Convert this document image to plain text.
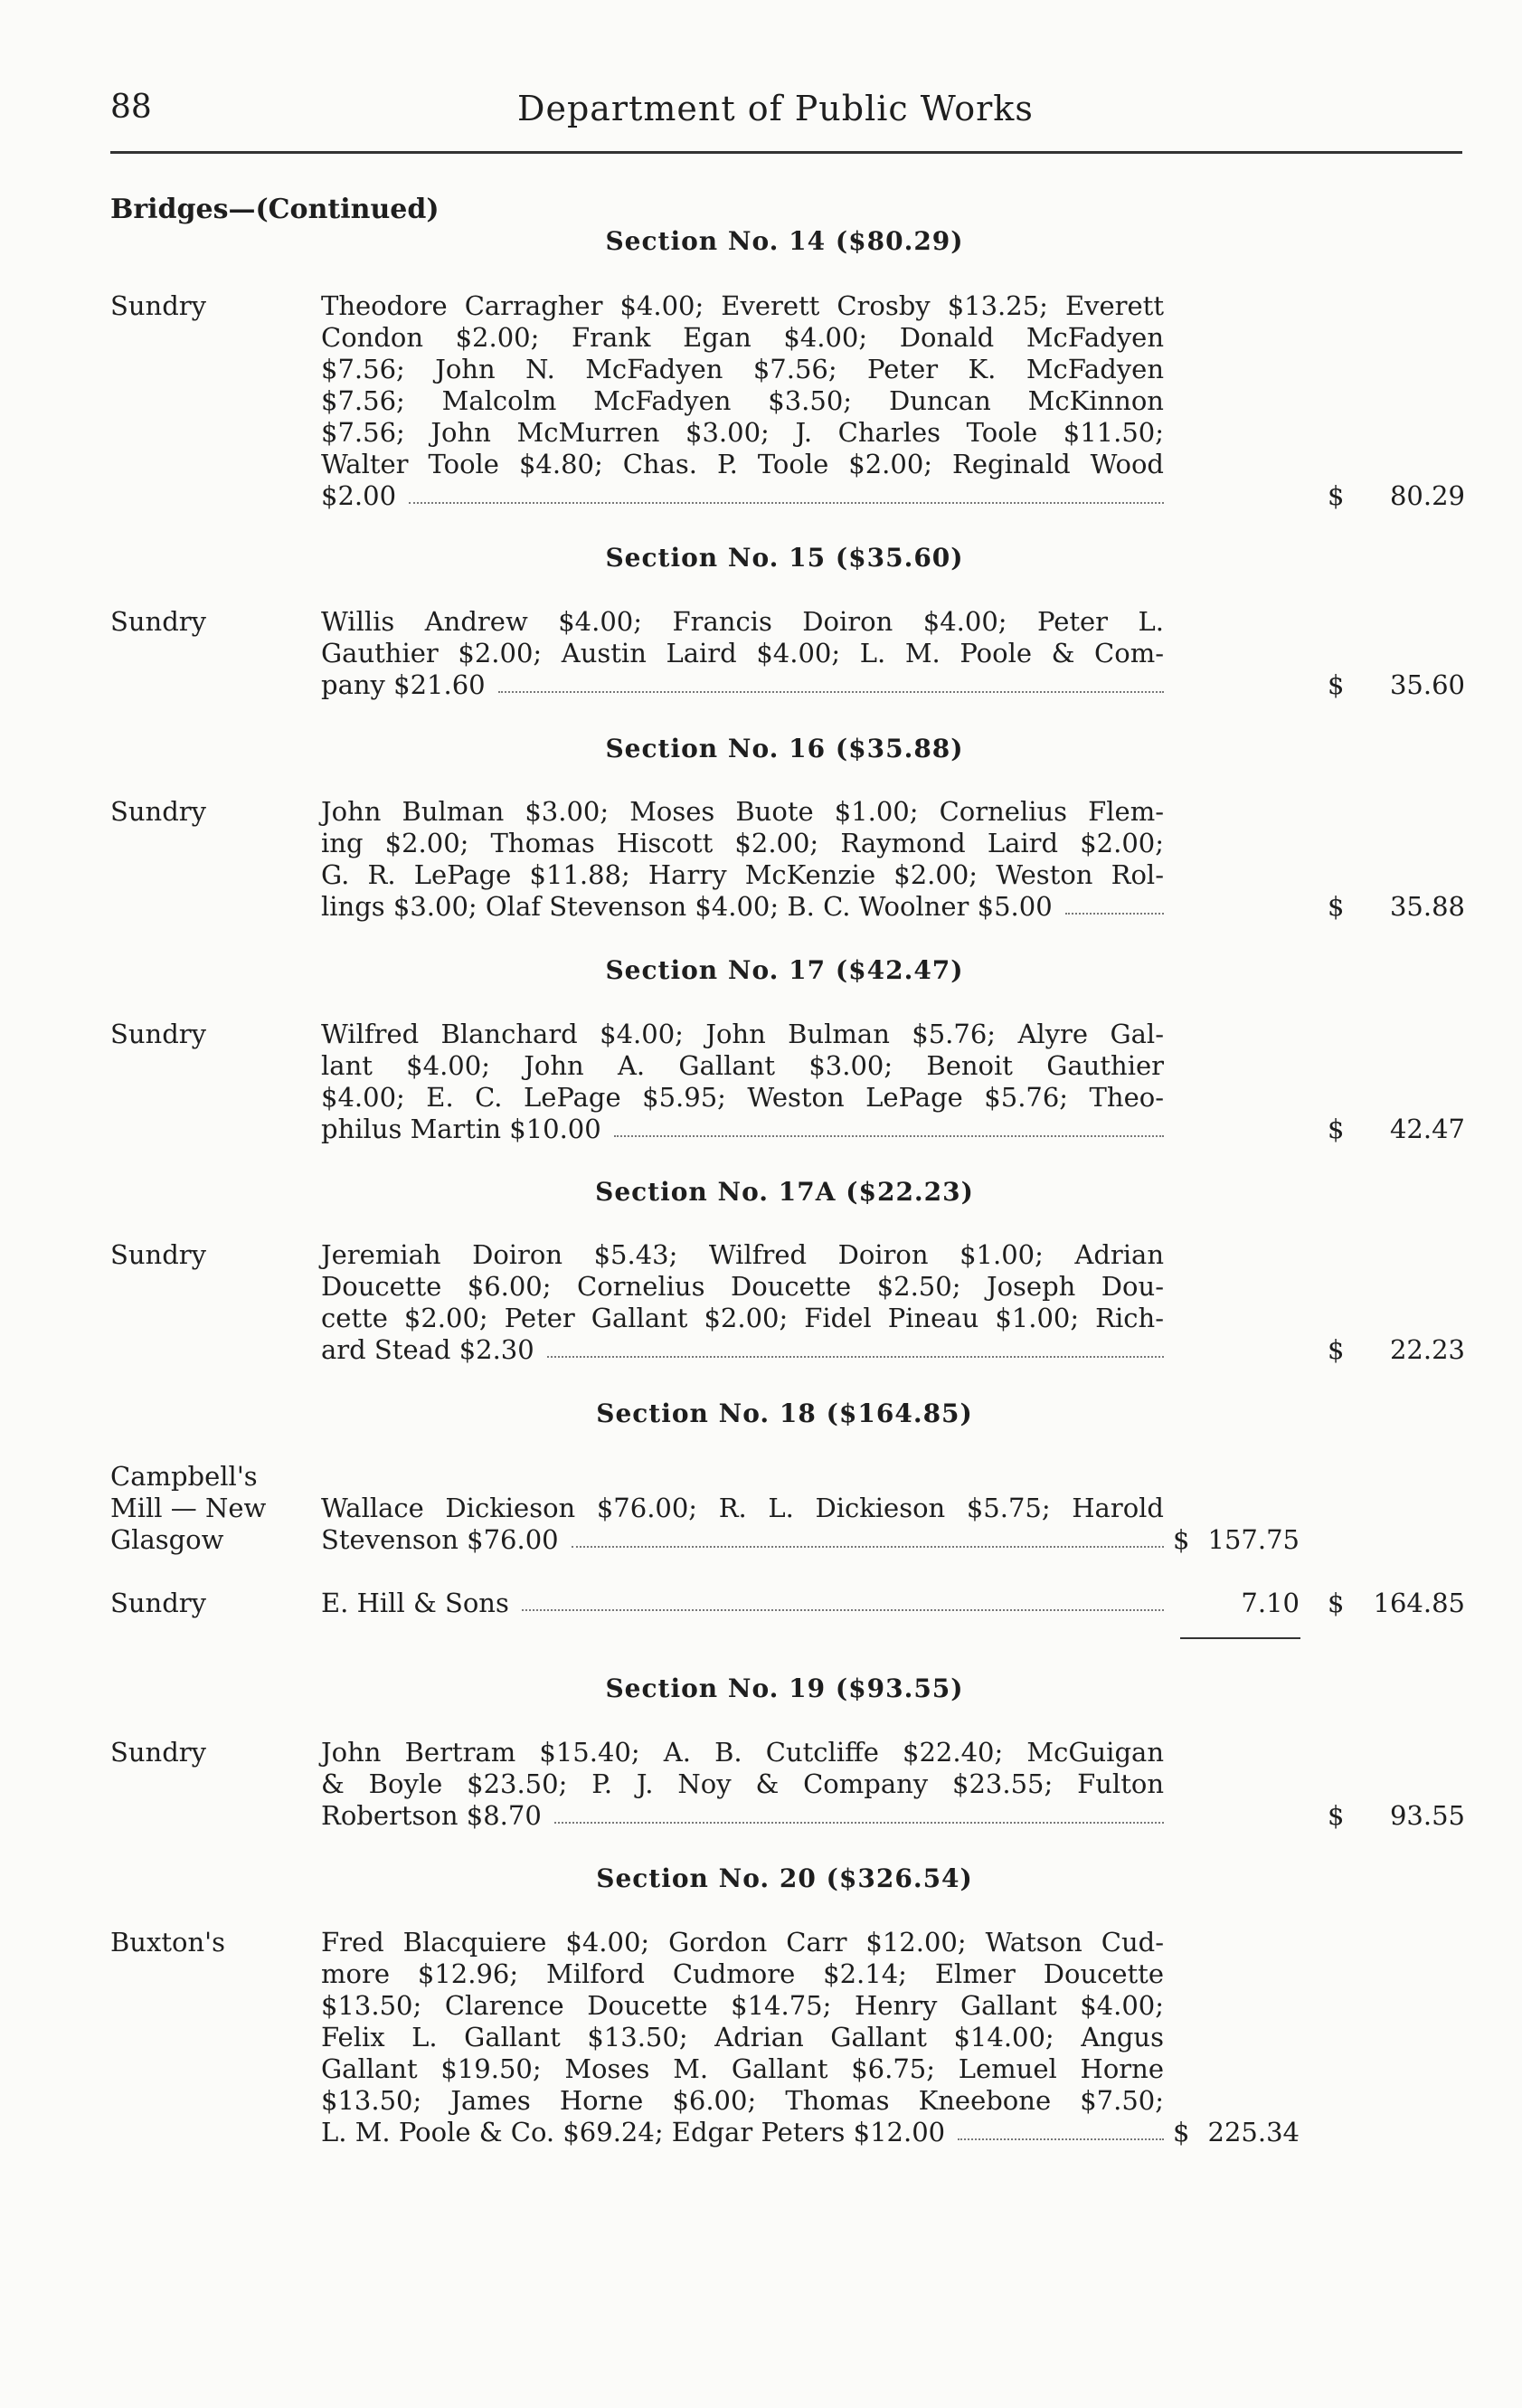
88	Department of Public Works
Bridges—(Continued)
Section No. 14 ($80.29)
Sundry	Theodore Carragher $4.00; Everett Crosby $13.25; Everett
Condon $2.00; Frank Egan $4.00; Donald McFadyen
$7.56; John N. McFadyen $7.56; Peter K. McFadyen
$7.56; Malcolm McFadyen $3.50; Duncan McKinnon
$7.56; John McMurren $3.00; J. Charles Toole $11.50;
Walter Toole $4.80; Chas. P. Toole $2.00; Reginald Wood
$2.00	$ 80.29
Section No. 15 ($35.60)
Sundry	Willis Andrew $4.00; Francis Doiron $4.00; Peter L.
Gauthier $2.00; Austin Laird $4.00; L. M. Poole & Com-
pany $21.60	$ 35.60
Section No. 16 ($35.88)
Sundry	John Bulman $3.00; Moses Buote $1.00; Cornelius Flem-
ing $2.00; Thomas Hiscott $2.00; Raymond Laird $2.00;
G. R. LePage $11.88; Harry McKenzie $2.00; Weston Rol-
lings $3.00; Olaf Stevenson $4.00; B. C. Woolner $5.00	$ 35.88
Section No. 17 ($42.47)
Sundry	Wilfred Blanchard $4.00; John Bulman $5.76; Alyre Gal-
lant $4.00; John A. Gallant $3.00; Benoit Gauthier
$4.00; E. C. LePage $5.95; Weston LePage $5.76; Theo-
philus Martin $10.00	$ 42.47
Section No. 17A ($22.23)
Sundry	Jeremiah Doiron $5.43; Wilfred Doiron $1.00; Adrian
Doucette $6.00; Cornelius Doucette $2.50; Joseph Dou-
cette $2.00; Peter Gallant $2.00; Fidel Pineau $1.00; Rich-
ard Stead $2.30	$ 22.23
Section No. 18 ($164.85)
Campbell's
Mill — New
Glasgow
Wallace Dickieson $76.00; R. L. Dickieson $5.75; Harold
Stevenson $76.00	$ 157.75
Sundry	E. Hill & Sons	7.10 $ 164.85
Section No. 19 ($93.55)
Sundry	John Bertram $15.40; A. B. Cutcliffe $22.40; McGuigan
& Boyle $23.50; P. J. Noy & Company $23.55; Fulton
Robertson $8.70	$ 93.55
Section No. 20 ($326.54)
Buxton's	Fred Blacquiere $4.00; Gordon Carr $12.00; Watson Cud-
more $12.96; Milford Cudmore $2.14; Elmer Doucette
$13.50; Clarence Doucette $14.75; Henry Gallant $4.00;
Felix L. Gallant $13.50; Adrian Gallant $14.00; Angus
Gallant $19.50; Moses M. Gallant $6.75; Lemuel Horne
$13.50; James Horne $6.00; Thomas Kneebone $7.50;
L. M. Poole & Co. $69.24; Edgar Peters $12.00	$ 225.34
